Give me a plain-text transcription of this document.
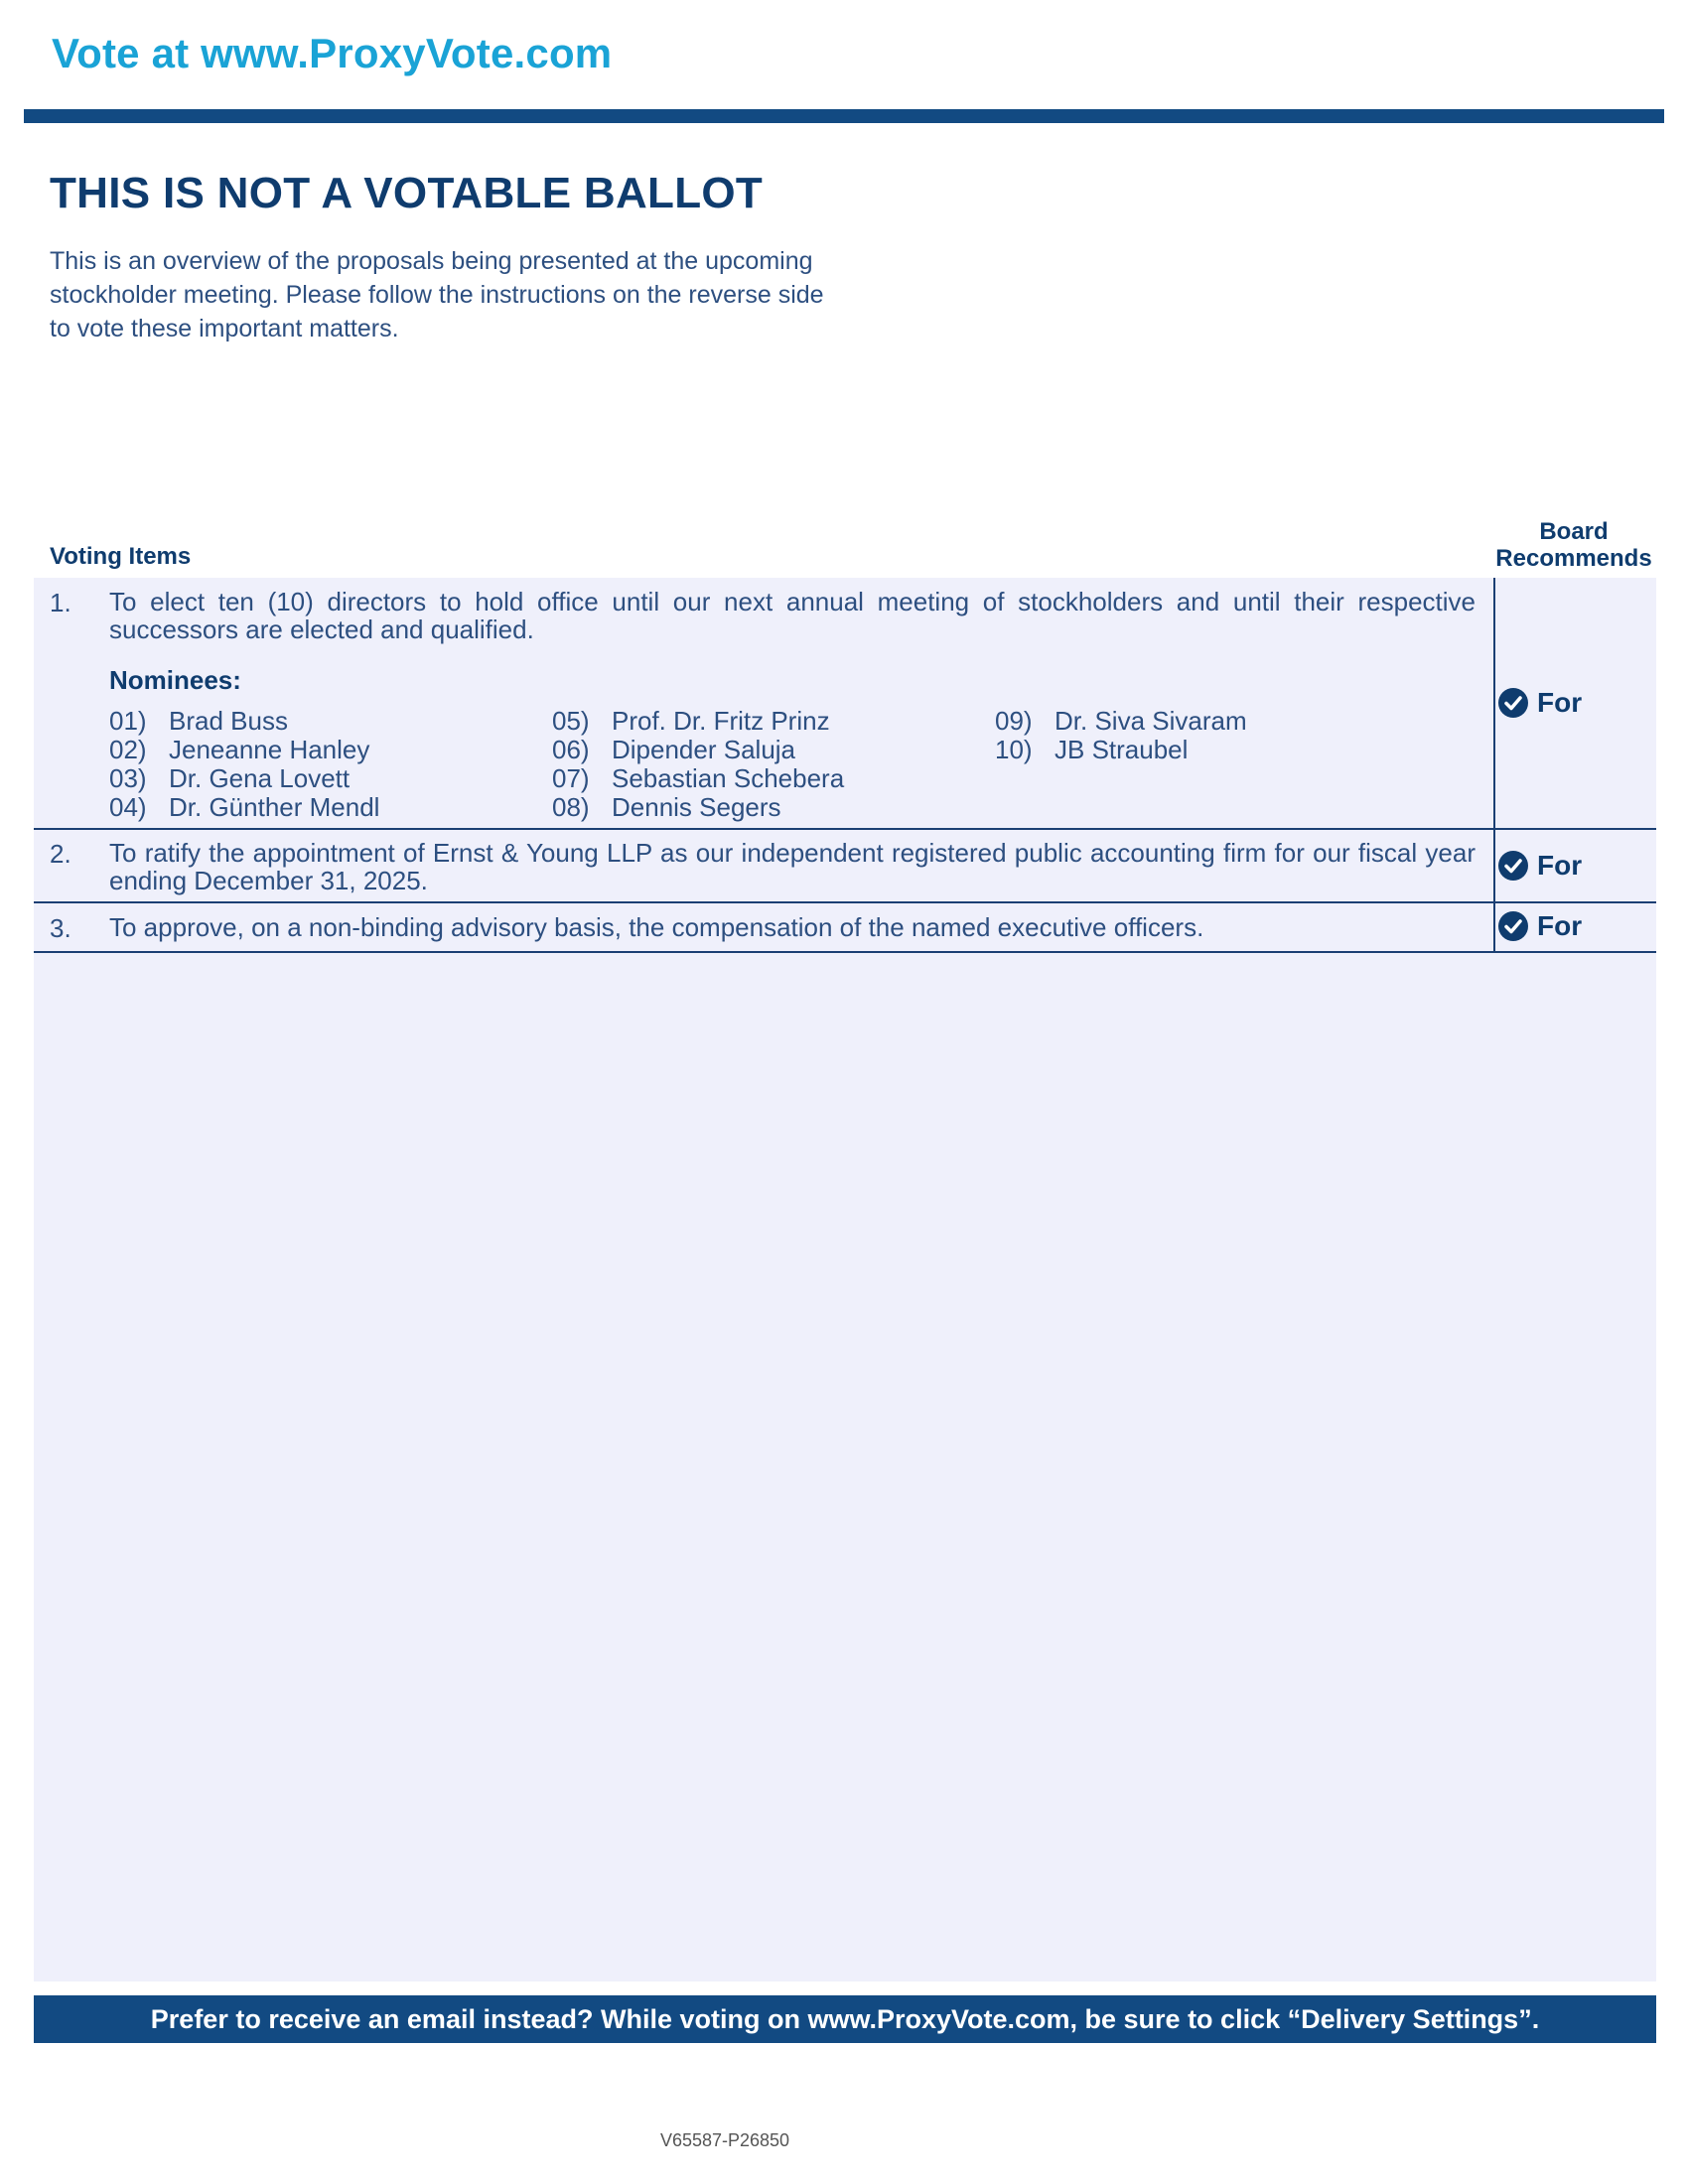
Vote at www.ProxyVote.com
THIS IS NOT A VOTABLE BALLOT
This is an overview of the proposals being presented at the upcoming stockholder meeting. Please follow the instructions on the reverse side to vote these important matters.
Voting Items
Board Recommends
1. To elect ten (10) directors to hold office until our next annual meeting of stockholders and until their respective successors are elected and qualified.
Nominees:
01) Brad Buss
02) Jeneanne Hanley
03) Dr. Gena Lovett
04) Dr. Günther Mendl
05) Prof. Dr. Fritz Prinz
06) Dipender Saluja
07) Sebastian Schebera
08) Dennis Segers
09) Dr. Siva Sivaram
10) JB Straubel
For
2. To ratify the appointment of Ernst & Young LLP as our independent registered public accounting firm for our fiscal year ending December 31, 2025.	For
3. To approve, on a non-binding advisory basis, the compensation of the named executive officers.	For
Prefer to receive an email instead? While voting on www.ProxyVote.com, be sure to click “Delivery Settings”.
V65587-P26850
